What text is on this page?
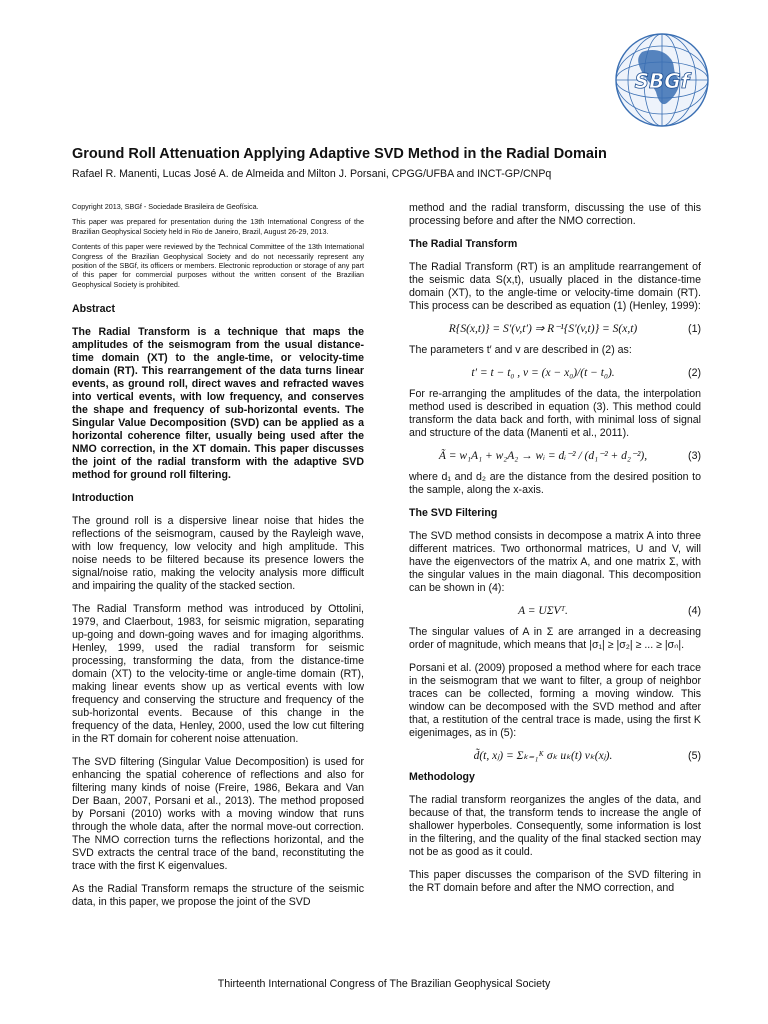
SBGf
Ground Roll Attenuation Applying Adaptive SVD Method in the Radial Domain
Rafael R. Manenti, Lucas José A. de Almeida and Milton J. Porsani, CPGG/UFBA and INCT-GP/CNPq

Copyright 2013, SBGf - Sociedade Brasileira de Geofísica.

This paper was prepared for presentation during the 13th International Congress of the Brazilian Geophysical Society held in Rio de Janeiro, Brazil, August 26-29, 2013.

Contents of this paper were reviewed by the Technical Committee of the 13th International Congress of the Brazilian Geophysical Society and do not necessarily represent any position of the SBGf, its officers or members. Electronic reproduction or storage of any part of this paper for commercial purposes without the written consent of the Brazilian Geophysical Society is prohibited.

Abstract

The Radial Transform is a technique that maps the amplitudes of the seismogram from the usual distance-time domain (XT) to the angle-time, or velocity-time domain (RT). This rearrangement of the data turns linear events, as ground roll, direct waves and refracted waves into vertical events, with low frequency, and conserves the shape and frequency of sub-horizontal events. The Singular Value Decomposition (SVD) can be applied as a horizontal coherence filter, usually being used after the NMO correction, in the XT domain. This paper discusses the joint of the radial transform with the adaptive SVD method for ground roll filtering.

Introduction

The ground roll is a dispersive linear noise that hides the reflections of the seismogram, caused by the Rayleigh wave, with low frequency, low velocity and high amplitude. This noise needs to be filtered because its presence lowers the signal/noise ratio, making the velocity analysis more difficult and impairing the quality of the stacked section.

The Radial Transform method was introduced by Ottolini, 1979, and Claerbout, 1983, for seismic migration, separating up-going and down-going waves and for imaging algorithms. Henley, 1999, used the radial transform for seismic processing, transforming the data, from the distance-time domain (XT) to the velocity-time or angle-time domain (RT), making linear events show up as vertical events with low frequency and conserving the structure and frequency of the sub-horizontal events. Because of this change in the frequency of the data, Henley, 2000, used the low cut filtering in the RT domain for coherent noise attenuation.

The SVD filtering (Singular Value Decomposition) is used for enhancing the spatial coherence of reflections and also for filtering many kinds of noise (Freire, 1986, Bekara and Van Der Baan, 2007, Porsani et al., 2013). The method proposed by Porsani (2010) works with a moving window that runs through the whole data, after the normal move-out correction. The NMO correction turns the reflections horizontal, and the SVD extracts the central trace of the band, reconstituting the trace with the first K eigenvalues.

As the Radial Transform remaps the structure of the seismic data, in this paper, we propose the joint of the SVD

method and the radial transform, discussing the use of this processing before and after the NMO correction.

The Radial Transform

The Radial Transform (RT) is an amplitude rearrangement of the seismic data S(x,t), usually placed in the distance-time domain (XT), to the angle-time or velocity-time domain (RT). This process can be described as equation (1) (Henley, 1999):

R{S(x,t)} = S′(v,t′) ⇒ R⁻¹{S′(v,t)} = S(x,t)	(1)

The parameters t′ and v are described in (2) as:

t′ = t − t₀ , v = (x − x₀)/(t − t₀).	(2)

For re-arranging the amplitudes of the data, the interpolation method used is described in equation (3). This method could transform the data back and forth, with minimal loss of signal and structure of the data (Manenti et al., 2011).

Ã = w₁A₁ + w₂A₂ → wᵢ = dᵢ⁻² / (d₁⁻² + d₂⁻²),	(3)

where d₁ and d₂ are the distance from the desired position to the sample, along the x-axis.

The SVD Filtering

The SVD method consists in decompose a matrix A into three different matrices. Two orthonormal matrices, U and V, will have the eigenvectors of the matrix A, and one matrix Σ, with the singular values in the main diagonal. This decomposition can be shown in (4):

A = UΣVᵀ.	(4)

The singular values of A in Σ are arranged in a decreasing order of magnitude, which means that |σ₁| ≥ |σ₂| ≥ ... ≥ |σₙ|.

Porsani et al. (2009) proposed a method where for each trace in the seismogram that we want to filter, a group of neighbor traces can be collected, forming a moving window. This window can be decomposed with the SVD method and after that, a restitution of the central trace is made, using the first K eigenimages, as in (5):

d̃(t, xⱼ) = Σₖ₌₁ᴷ σₖ uₖ(t) vₖ(xⱼ).	(5)
Methodology

The radial transform reorganizes the angles of the data, and because of that, the transform tends to increase the angle of shallower hyperboles. Consequently, some information is lost in the filtering, and the quality of the final stacked section may not be as good as it could.

This paper discusses the comparison of the SVD filtering in the RT domain before and after the NMO correction, and

Thirteenth International Congress of The Brazilian Geophysical Society
